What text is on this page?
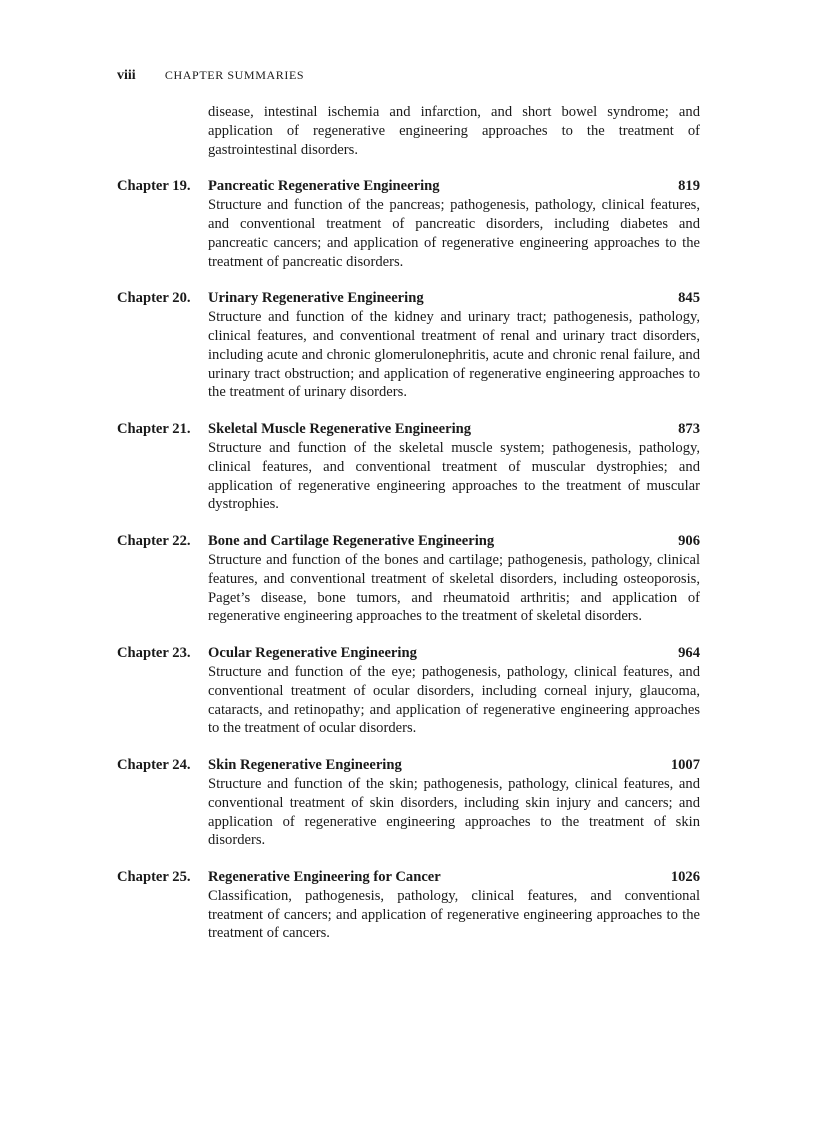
viii CHAPTER SUMMARIES
disease, intestinal ischemia and infarction, and short bowel syndrome; and application of regenerative engineering approaches to the treatment of gastrointestinal disorders.
Chapter 19.	Pancreatic Regenerative Engineering	819
Structure and function of the pancreas; pathogenesis, pathology, clinical features, and conventional treatment of pancreatic disorders, including diabetes and pancreatic cancers; and application of regenerative engineering approaches to the treatment of pancreatic disorders.
Chapter 20.	Urinary Regenerative Engineering	845
Structure and function of the kidney and urinary tract; pathogenesis, pathology, clinical features, and conventional treatment of renal and urinary tract disorders, including acute and chronic glomerulonephritis, acute and chronic renal failure, and urinary tract obstruction; and application of regenerative engineering approaches to the treatment of urinary disorders.
Chapter 21.	Skeletal Muscle Regenerative Engineering	873
Structure and function of the skeletal muscle system; pathogenesis, pathology, clinical features, and conventional treatment of muscular dystrophies; and application of regenerative engineering approaches to the treatment of muscular dystrophies.
Chapter 22.	Bone and Cartilage Regenerative Engineering	906
Structure and function of the bones and cartilage; pathogenesis, pathology, clinical features, and conventional treatment of skeletal disorders, including osteoporosis, Paget’s disease, bone tumors, and rheumatoid arthritis; and application of regenerative engineering approaches to the treatment of skeletal disorders.
Chapter 23.	Ocular Regenerative Engineering	964
Structure and function of the eye; pathogenesis, pathology, clinical features, and conventional treatment of ocular disorders, including corneal injury, glaucoma, cataracts, and retinopathy; and application of regenerative engineering approaches to the treatment of ocular disorders.
Chapter 24.	Skin Regenerative Engineering	1007
Structure and function of the skin; pathogenesis, pathology, clinical features, and conventional treatment of skin disorders, including skin injury and cancers; and application of regenerative engineering approaches to the treatment of skin disorders.
Chapter 25.	Regenerative Engineering for Cancer	1026
Classification, pathogenesis, pathology, clinical features, and conventional treatment of cancers; and application of regenerative engineering approaches to the treatment of cancers.
